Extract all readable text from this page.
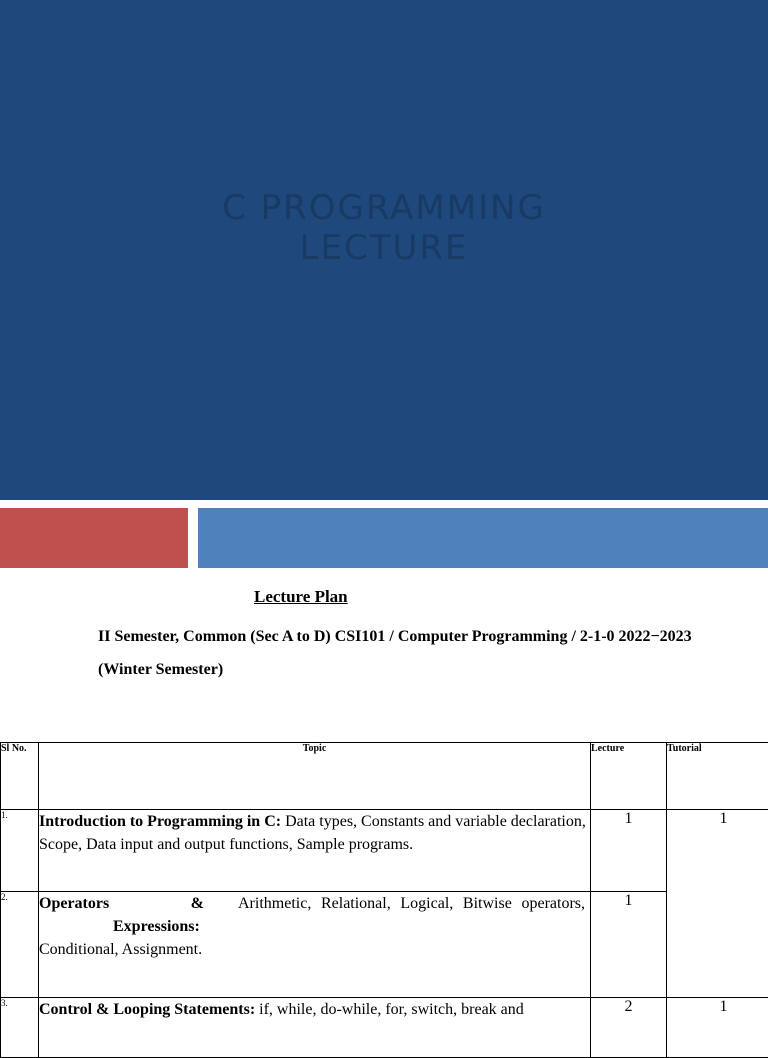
C PROGRAMMING
LECTURE
Lecture Plan
II Semester, Common (Sec A to D) CSI101 / Computer Programming / 2-1-0 2022−2023
(Winter Semester)
Sl No.	Topic	Lecture	Tutorial
1.	Introduction to Programming in C: Data types, Constants and variable declaration, Scope, Data input and output functions, Sample programs.	1	1
2.	Operators & Arithmetic, Relational, Logical, Bitwise operators,
Expressions:
Conditional, Assignment.	1	
3.	Control & Looping Statements: if, while, do-while, for, switch, break and	2	1
